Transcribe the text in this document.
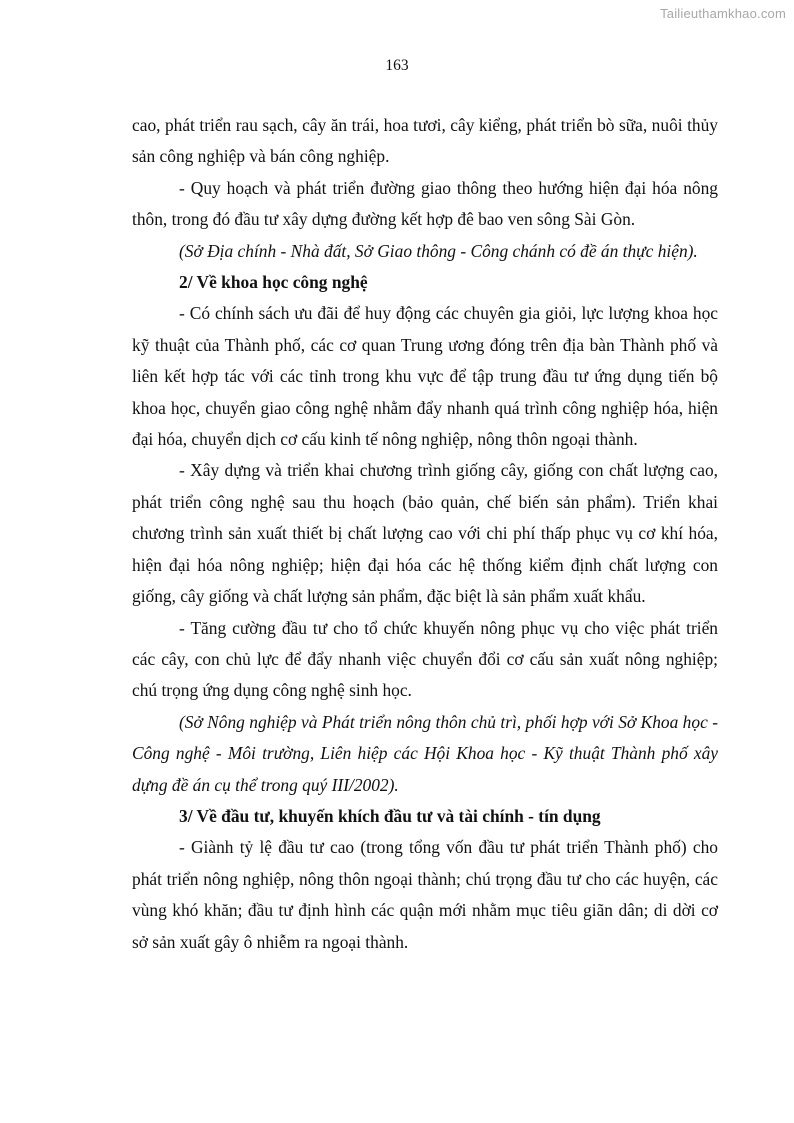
Tailieuthamkhao.com
163

cao, phát triển rau sạch, cây ăn trái, hoa tươi, cây kiểng, phát triển bò sữa, nuôi thủy sản công nghiệp và bán công nghiệp.

- Quy hoạch và phát triển đường giao thông theo hướng hiện đại hóa nông thôn, trong đó đầu tư xây dựng đường kết hợp đê bao ven sông Sài Gòn.

(Sở Địa chính - Nhà đất, Sở Giao thông - Công chánh có đề án thực hiện).

2/ Về khoa học công nghệ

- Có chính sách ưu đãi để huy động các chuyên gia giỏi, lực lượng khoa học kỹ thuật của Thành phố, các cơ quan Trung ương đóng trên địa bàn Thành phố và liên kết hợp tác với các tỉnh trong khu vực để tập trung đầu tư ứng dụng tiến bộ khoa học, chuyển giao công nghệ nhằm đẩy nhanh quá trình công nghiệp hóa, hiện đại hóa, chuyển dịch cơ cấu kinh tế nông nghiệp, nông thôn ngoại thành.

- Xây dựng và triển khai chương trình giống cây, giống con chất lượng cao, phát triển công nghệ sau thu hoạch (bảo quản, chế biến sản phẩm). Triển khai chương trình sản xuất thiết bị chất lượng cao với chi phí thấp phục vụ cơ khí hóa, hiện đại hóa nông nghiệp; hiện đại hóa các hệ thống kiểm định chất lượng con giống, cây giống và chất lượng sản phẩm, đặc biệt là sản phẩm xuất khẩu.

- Tăng cường đầu tư cho tổ chức khuyến nông phục vụ cho việc phát triển các cây, con chủ lực để đẩy nhanh việc chuyển đổi cơ cấu sản xuất nông nghiệp; chú trọng ứng dụng công nghệ sinh học.

(Sở Nông nghiệp và Phát triển nông thôn chủ trì, phối hợp với Sở Khoa học - Công nghệ - Môi trường, Liên hiệp các Hội Khoa học - Kỹ thuật Thành phố xây dựng đề án cụ thể trong quý III/2002).

3/ Về đầu tư, khuyến khích đầu tư và tài chính - tín dụng

- Giành tỷ lệ đầu tư cao (trong tổng vốn đầu tư phát triển Thành phố) cho phát triển nông nghiệp, nông thôn ngoại thành; chú trọng đầu tư cho các huyện, các vùng khó khăn; đầu tư định hình các quận mới nhằm mục tiêu giãn dân; di dời cơ sở sản xuất gây ô nhiễm ra ngoại thành.
